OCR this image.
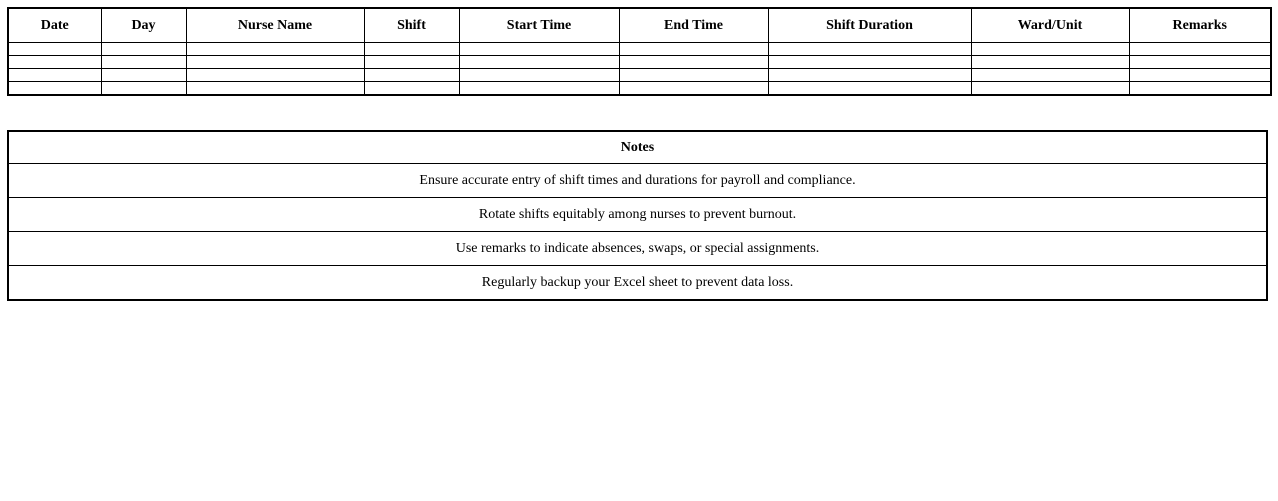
Date	Day	Nurse Name	Shift	Start Time	End Time	Shift Duration	Ward/Unit	Remarks

Notes
Ensure accurate entry of shift times and durations for payroll and compliance.
Rotate shifts equitably among nurses to prevent burnout.
Use remarks to indicate absences, swaps, or special assignments.
Regularly backup your Excel sheet to prevent data loss.
